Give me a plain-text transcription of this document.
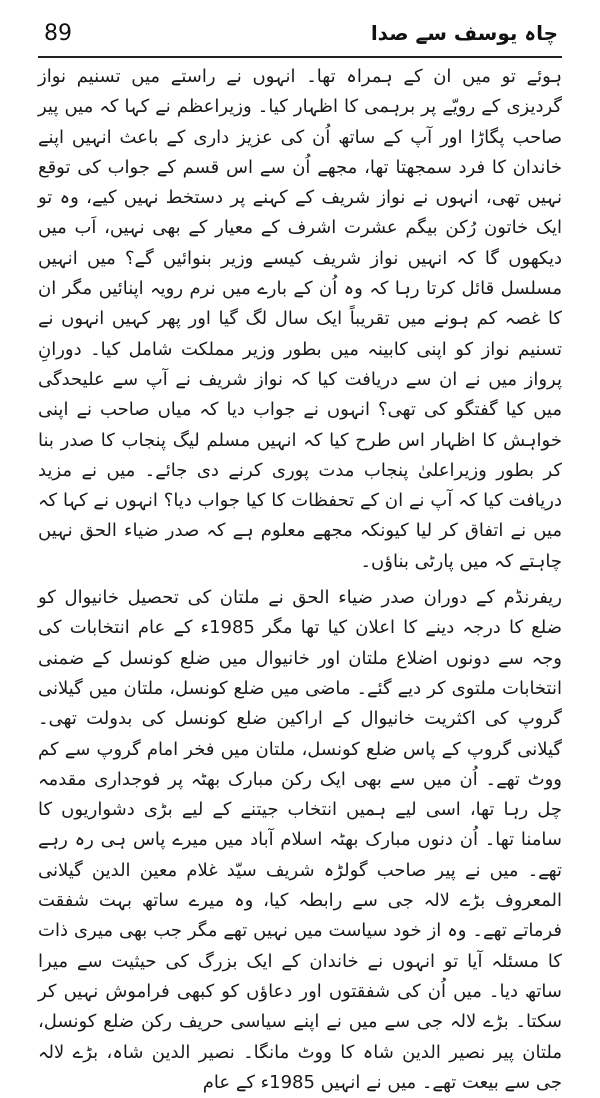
89	چاہ یوسف سے صدا

ہوئے تو میں ان کے ہمراہ تھا۔ انہوں نے راستے میں تسنیم نواز گردیزی کے رویّے پر برہمی کا اظہار کیا۔ وزیراعظم نے کہا کہ میں پیر صاحب پگاڑا اور آپ کے ساتھ اُن کی عزیز داری کے باعث انہیں اپنے خاندان کا فرد سمجھتا تھا، مجھے اُن سے اس قسم کے جواب کی توقع نہیں تھی، انہوں نے نواز شریف کے کہنے پر دستخط نہیں کیے، وہ تو ایک خاتون رُکن بیگم عشرت اشرف کے معیار کے بھی نہیں، اَب میں دیکھوں گا کہ انہیں نواز شریف کیسے وزیر بنوائیں گے؟ میں انہیں مسلسل قائل کرتا رہا کہ وہ اُن کے بارے میں نرم رویہ اپنائیں مگر ان کا غصہ کم ہونے میں تقریباً ایک سال لگ گیا اور پھر کہیں انہوں نے تسنیم نواز کو اپنی کابینہ میں بطور وزیر مملکت شامل کیا۔ دورانِ پرواز میں نے ان سے دریافت کیا کہ نواز شریف نے آپ سے علیحدگی میں کیا گفتگو کی تھی؟ انہوں نے جواب دیا کہ میاں صاحب نے اپنی خواہش کا اظہار اس طرح کیا کہ انہیں مسلم لیگ پنجاب کا صدر بنا کر بطور وزیراعلیٰ پنجاب مدت پوری کرنے دی جائے۔ میں نے مزید دریافت کیا کہ آپ نے ان کے تحفظات کا کیا جواب دیا؟ انہوں نے کہا کہ میں نے اتفاق کر لیا کیونکہ مجھے معلوم ہے کہ صدر ضیاء الحق نہیں چاہتے کہ میں پارٹی بناؤں۔

ریفرنڈم کے دوران صدر ضیاء الحق نے ملتان کی تحصیل خانیوال کو ضلع کا درجہ دینے کا اعلان کیا تھا مگر 1985ء کے عام انتخابات کی وجہ سے دونوں اضلاع ملتان اور خانیوال میں ضلع کونسل کے ضمنی انتخابات ملتوی کر دیے گئے۔ ماضی میں ضلع کونسل، ملتان میں گیلانی گروپ کی اکثریت خانیوال کے اراکین ضلع کونسل کی بدولت تھی۔ گیلانی گروپ کے پاس ضلع کونسل، ملتان میں فخر امام گروپ سے کم ووٹ تھے۔ اُن میں سے بھی ایک رکن مبارک بھٹہ پر فوجداری مقدمہ چل رہا تھا، اسی لیے ہمیں انتخاب جیتنے کے لیے بڑی دشواریوں کا سامنا تھا۔ اُن دنوں مبارک بھٹہ اسلام آباد میں میرے پاس ہی رہ رہے تھے۔ میں نے پیر صاحب گولڑہ شریف سیّد غلام معین الدین گیلانی المعروف بڑے لالہ جی سے رابطہ کیا، وہ میرے ساتھ بہت شفقت فرماتے تھے۔ وہ از خود سیاست میں نہیں تھے مگر جب بھی میری ذات کا مسئلہ آیا تو انہوں نے خاندان کے ایک بزرگ کی حیثیت سے میرا ساتھ دیا۔ میں اُن کی شفقتوں اور دعاؤں کو کبھی فراموش نہیں کر سکتا۔ بڑے لالہ جی سے میں نے اپنے سیاسی حریف رکن ضلع کونسل، ملتان پیر نصیر الدین شاہ کا ووٹ مانگا۔ نصیر الدین شاہ، بڑے لالہ جی سے بیعت تھے۔ میں نے انہیں 1985ء کے عام
